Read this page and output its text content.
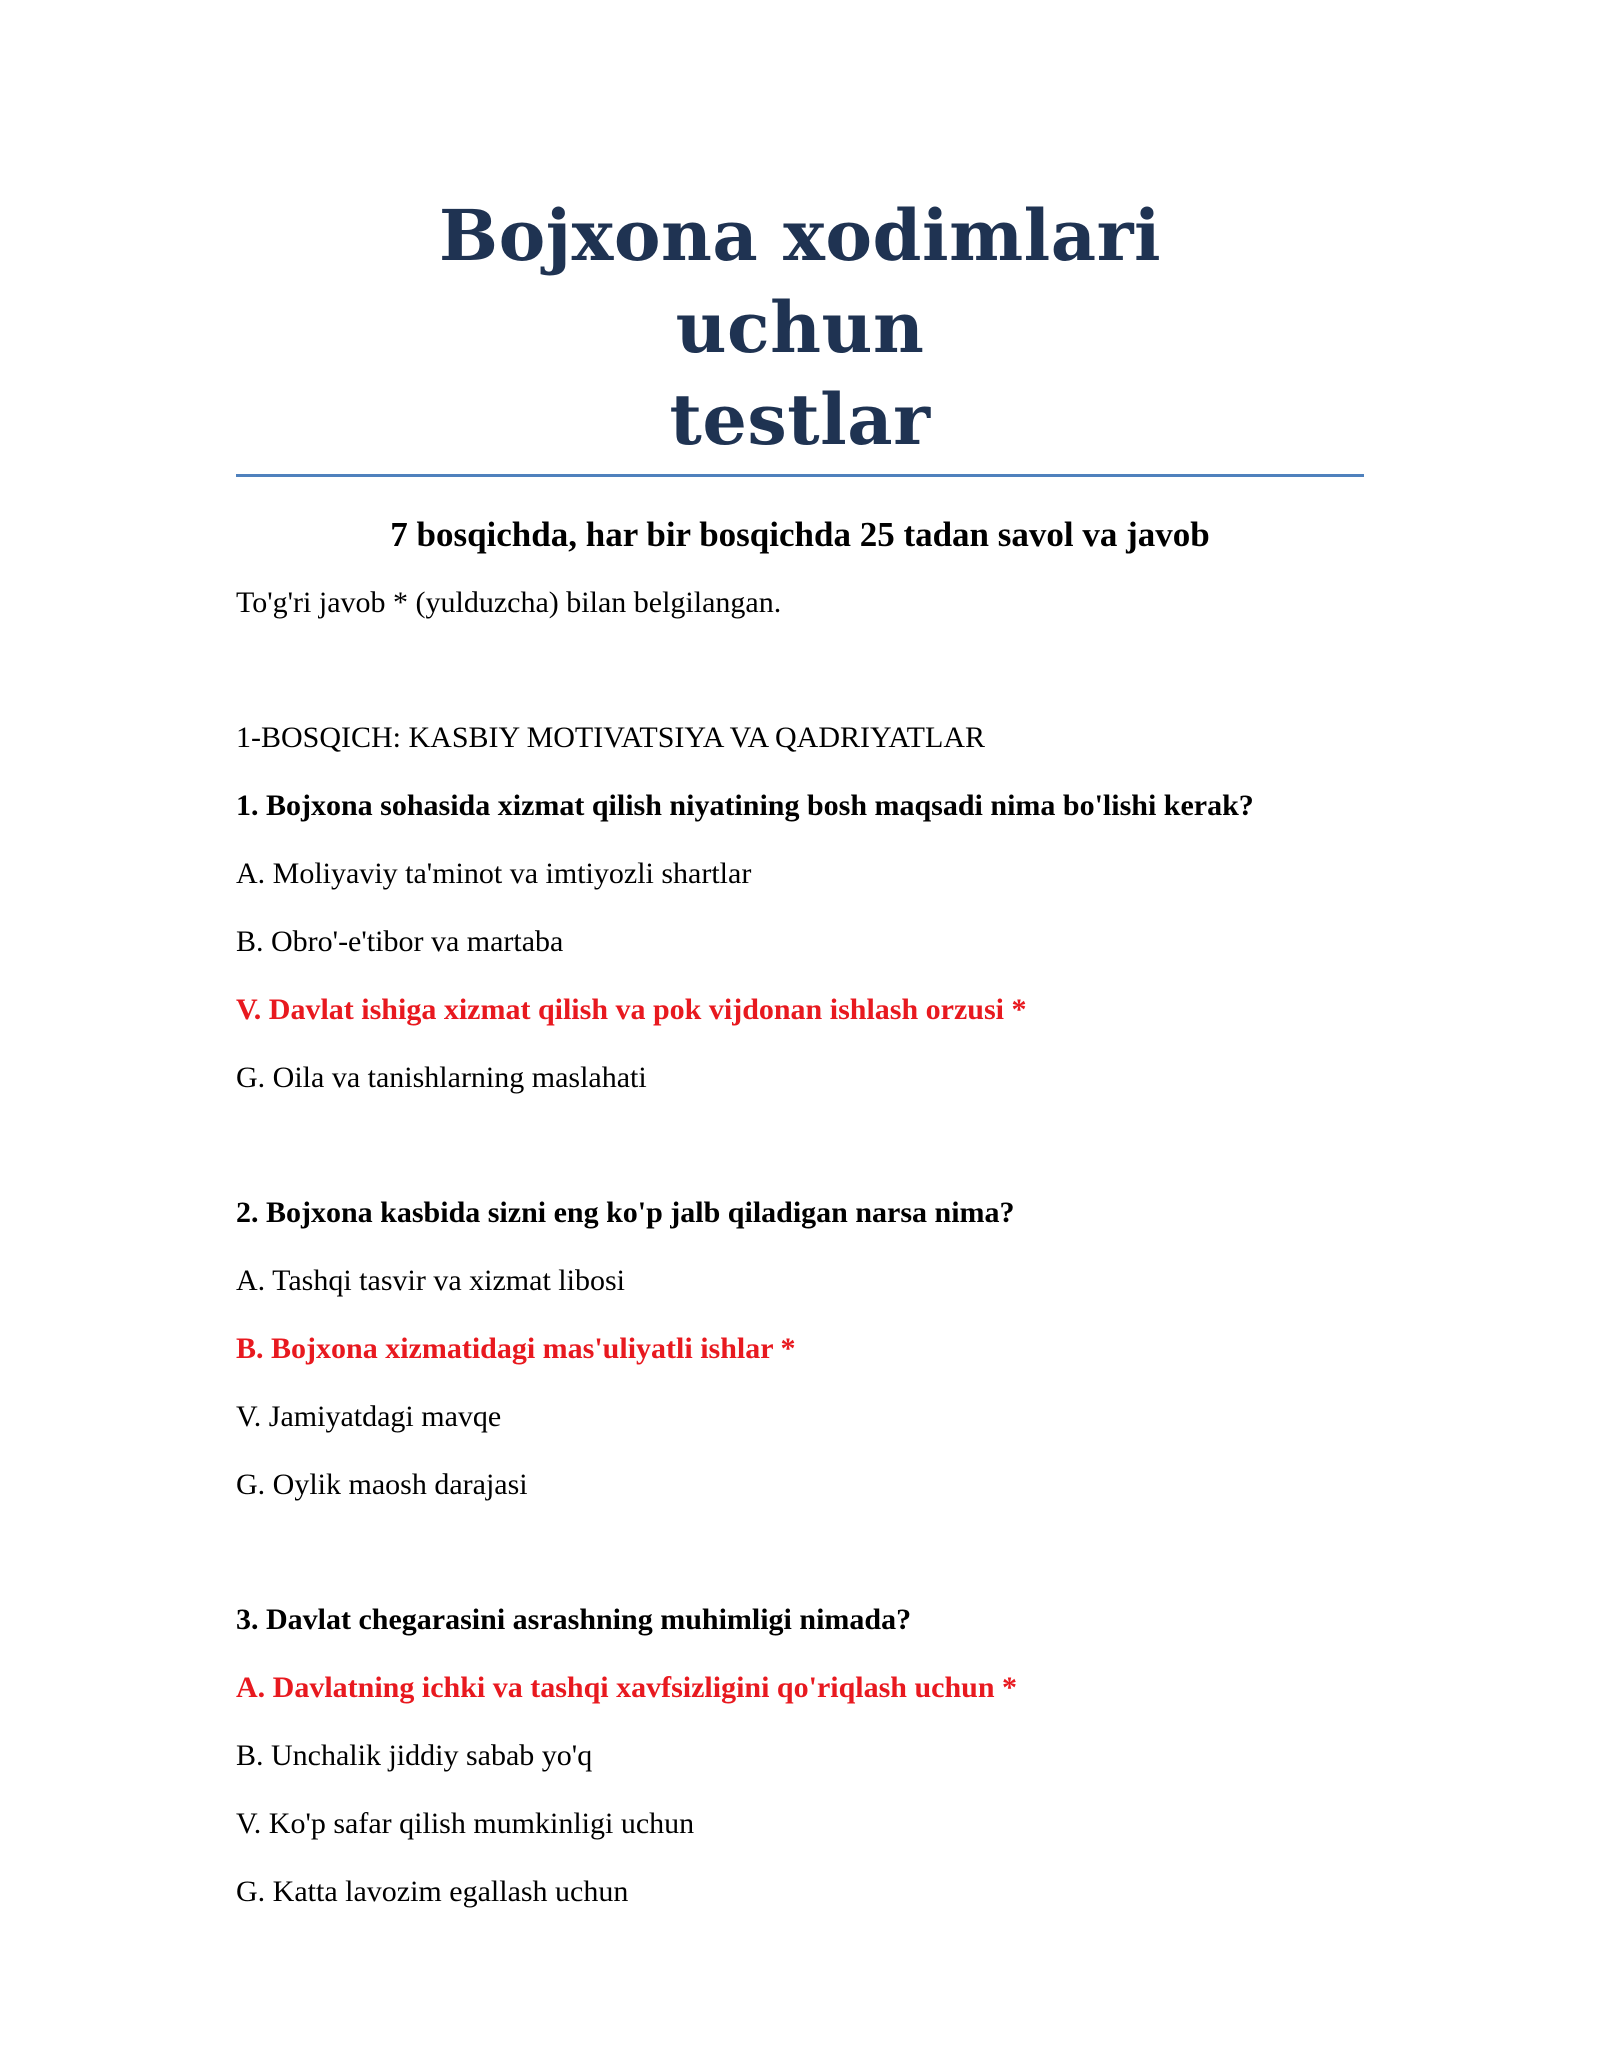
Bojxona xodimlari uchun
testlar
7 bosqichda, har bir bosqichda 25 tadan savol va javob
To'g'ri javob * (yulduzcha) bilan belgilangan.
1-BOSQICH: KASBIY MOTIVATSIYA VA QADRIYATLAR
1. Bojxona sohasida xizmat qilish niyatining bosh maqsadi nima bo'lishi kerak?
A. Moliyaviy ta'minot va imtiyozli shartlar
B. Obro'-e'tibor va martaba
V. Davlat ishiga xizmat qilish va pok vijdonan ishlash orzusi *
G. Oila va tanishlarning maslahati
2. Bojxona kasbida sizni eng ko'p jalb qiladigan narsa nima?
A. Tashqi tasvir va xizmat libosi
B. Bojxona xizmatidagi mas'uliyatli ishlar *
V. Jamiyatdagi mavqe
G. Oylik maosh darajasi
3. Davlat chegarasini asrashning muhimligi nimada?
A. Davlatning ichki va tashqi xavfsizligini qo'riqlash uchun *
B. Unchalik jiddiy sabab yo'q
V. Ko'p safar qilish mumkinligi uchun
G. Katta lavozim egallash uchun
